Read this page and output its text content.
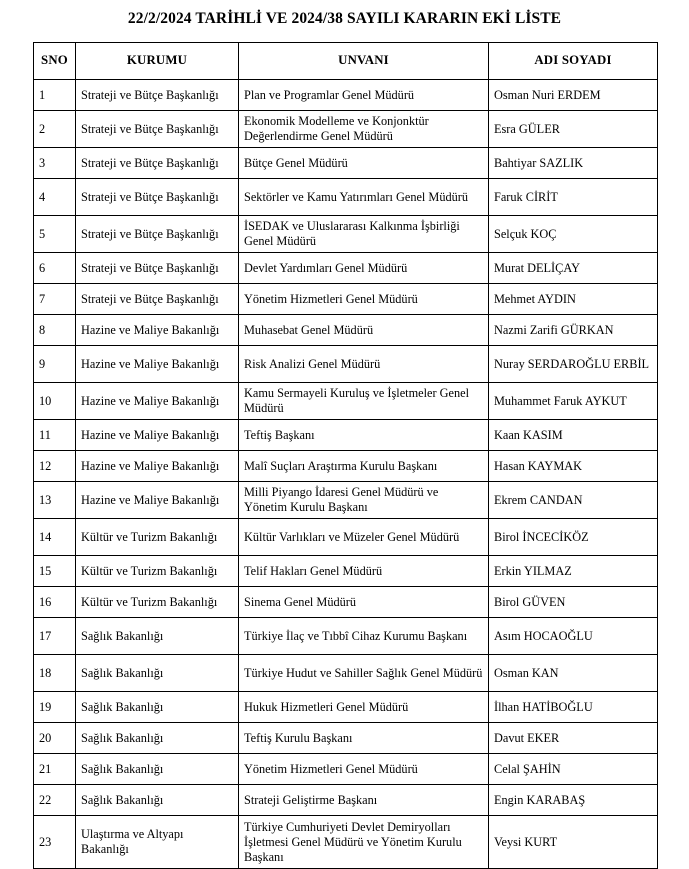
22/2/2024 TARİHLİ VE 2024/38 SAYILI KARARIN EKİ LİSTE
SNO	KURUMU	UNVANI	ADI SOYADI
1	Strateji ve Bütçe Başkanlığı	Plan ve Programlar Genel Müdürü	Osman Nuri ERDEM
2	Strateji ve Bütçe Başkanlığı	Ekonomik Modelleme ve Konjonktür Değerlendirme Genel Müdürü	Esra GÜLER
3	Strateji ve Bütçe Başkanlığı	Bütçe Genel Müdürü	Bahtiyar SAZLIK
4	Strateji ve Bütçe Başkanlığı	Sektörler ve Kamu Yatırımları Genel Müdürü	Faruk CİRİT
5	Strateji ve Bütçe Başkanlığı	İSEDAK ve Uluslararası Kalkınma İşbirliği Genel Müdürü	Selçuk KOÇ
6	Strateji ve Bütçe Başkanlığı	Devlet Yardımları Genel Müdürü	Murat DELİÇAY
7	Strateji ve Bütçe Başkanlığı	Yönetim Hizmetleri Genel Müdürü	Mehmet AYDIN
8	Hazine ve Maliye Bakanlığı	Muhasebat Genel Müdürü	Nazmi Zarifi GÜRKAN
9	Hazine ve Maliye Bakanlığı	Risk Analizi Genel Müdürü	Nuray SERDAROĞLU ERBİL
10	Hazine ve Maliye Bakanlığı	Kamu Sermayeli Kuruluş ve İşletmeler Genel Müdürü	Muhammet Faruk AYKUT
11	Hazine ve Maliye Bakanlığı	Teftiş Başkanı	Kaan KASIM
12	Hazine ve Maliye Bakanlığı	Malî Suçları Araştırma Kurulu Başkanı	Hasan KAYMAK
13	Hazine ve Maliye Bakanlığı	Milli Piyango İdaresi Genel Müdürü ve Yönetim Kurulu Başkanı	Ekrem CANDAN
14	Kültür ve Turizm Bakanlığı	Kültür Varlıkları ve Müzeler Genel Müdürü	Birol İNCECİKÖZ
15	Kültür ve Turizm Bakanlığı	Telif Hakları Genel Müdürü	Erkin YILMAZ
16	Kültür ve Turizm Bakanlığı	Sinema Genel Müdürü	Birol GÜVEN
17	Sağlık Bakanlığı	Türkiye İlaç ve Tıbbî Cihaz Kurumu Başkanı	Asım HOCAOĞLU
18	Sağlık Bakanlığı	Türkiye Hudut ve Sahiller Sağlık Genel Müdürü	Osman KAN
19	Sağlık Bakanlığı	Hukuk Hizmetleri Genel Müdürü	İlhan HATİBOĞLU
20	Sağlık Bakanlığı	Teftiş Kurulu Başkanı	Davut EKER
21	Sağlık Bakanlığı	Yönetim Hizmetleri Genel Müdürü	Celal ŞAHİN
22	Sağlık Bakanlığı	Strateji Geliştirme Başkanı	Engin KARABAŞ
23	Ulaştırma ve Altyapı Bakanlığı	Türkiye Cumhuriyeti Devlet Demiryolları İşletmesi Genel Müdürü ve Yönetim Kurulu Başkanı	Veysi KURT
